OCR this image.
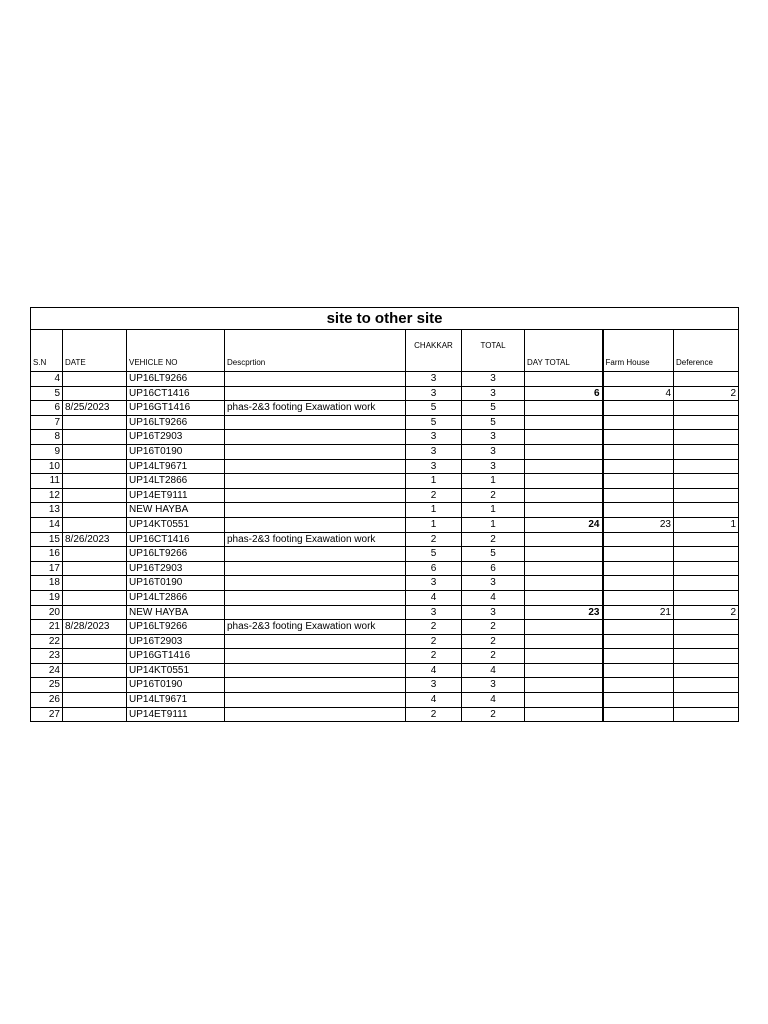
site to other site								
S.N	DATE	VEHICLE NO	Descprtion	CHAKKAR	TOTAL	DAY TOTAL	Farm House	Deference
4		UP16LT9266		3	3			
5		UP16CT1416		3	3	6	4	2
6	8/25/2023	UP16GT1416	phas-2&3 footing Exawation work	5	5			
7		UP16LT9266		5	5			
8		UP16T2903		3	3			
9		UP16T0190		3	3			
10		UP14LT9671		3	3			
11		UP14LT2866		1	1			
12		UP14ET9111		2	2			
13		NEW HAYBA		1	1			
14		UP14KT0551		1	1	24	23	1
15	8/26/2023	UP16CT1416	phas-2&3 footing Exawation work	2	2			
16		UP16LT9266		5	5			
17		UP16T2903		6	6			
18		UP16T0190		3	3			
19		UP14LT2866		4	4			
20		NEW HAYBA		3	3	23	21	2
21	8/28/2023	UP16LT9266	phas-2&3 footing Exawation work	2	2			
22		UP16T2903		2	2			
23		UP16GT1416		2	2			
24		UP14KT0551		4	4			
25		UP16T0190		3	3			
26		UP14LT9671		4	4			
27		UP14ET9111		2	2			
